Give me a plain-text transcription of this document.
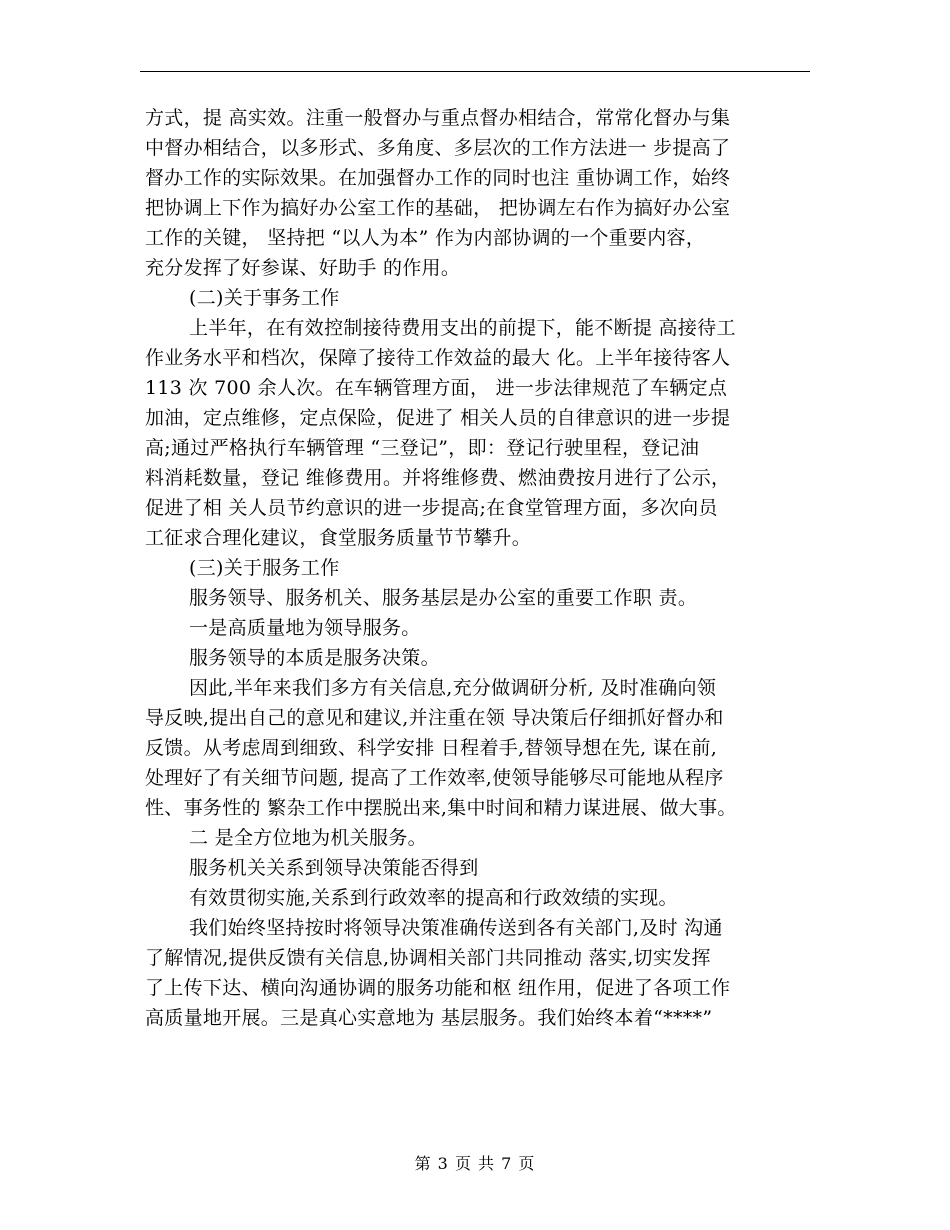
方式，提 高实效。注重一般督办与重点督办相结合，常常化督办与集
中督办相结合，以多形式、多角度、多层次的工作方法进一 步提高了
督办工作的实际效果。在加强督办工作的同时也注 重协调工作，始终
把协调上下作为搞好办公室工作的基础， 把协调左右作为搞好办公室
工作的关键， 坚持把 “以人为本” 作为内部协调的一个重要内容，
充分发挥了好参谋、好助手 的作用。
(二)关于事务工作
上半年，在有效控制接待费用支出的前提下，能不断提 高接待工
作业务水平和档次，保障了接待工作效益的最大 化。上半年接待客人
113 次 700 余人次。在车辆管理方面， 进一步法律规范了车辆定点
加油，定点维修，定点保险，促进了 相关人员的自律意识的进一步提
高;通过严格执行车辆管理 “三登记”，即：登记行驶里程，登记油
料消耗数量，登记 维修费用。并将维修费、燃油费按月进行了公示，
促进了相 关人员节约意识的进一步提高;在食堂管理方面，多次向员
工征求合理化建议，食堂服务质量节节攀升。
(三)关于服务工作
服务领导、服务机关、服务基层是办公室的重要工作职 责。
一是高质量地为领导服务。
服务领导的本质是服务决策。
因此,半年来我们多方有关信息,充分做调研分析, 及时准确向领
导反映,提出自己的意见和建议,并注重在领 导决策后仔细抓好督办和
反馈。从考虑周到细致、科学安排 日程着手,替领导想在先, 谋在前,
处理好了有关细节问题, 提高了工作效率,使领导能够尽可能地从程序
性、事务性的 繁杂工作中摆脱出来,集中时间和精力谋进展、做大事。
二 是全方位地为机关服务。
服务机关关系到领导决策能否得到
有效贯彻实施,关系到行政效率的提高和行政效绩的实现。
我们始终坚持按时将领导决策准确传送到各有关部门,及时 沟通
了解情况,提供反馈有关信息,协调相关部门共同推动 落实,切实发挥
了上传下达、横向沟通协调的服务功能和枢 纽作用，促进了各项工作
高质量地开展。三是真心实意地为 基层服务。我们始终本着“****”
第 3 页 共 7 页
